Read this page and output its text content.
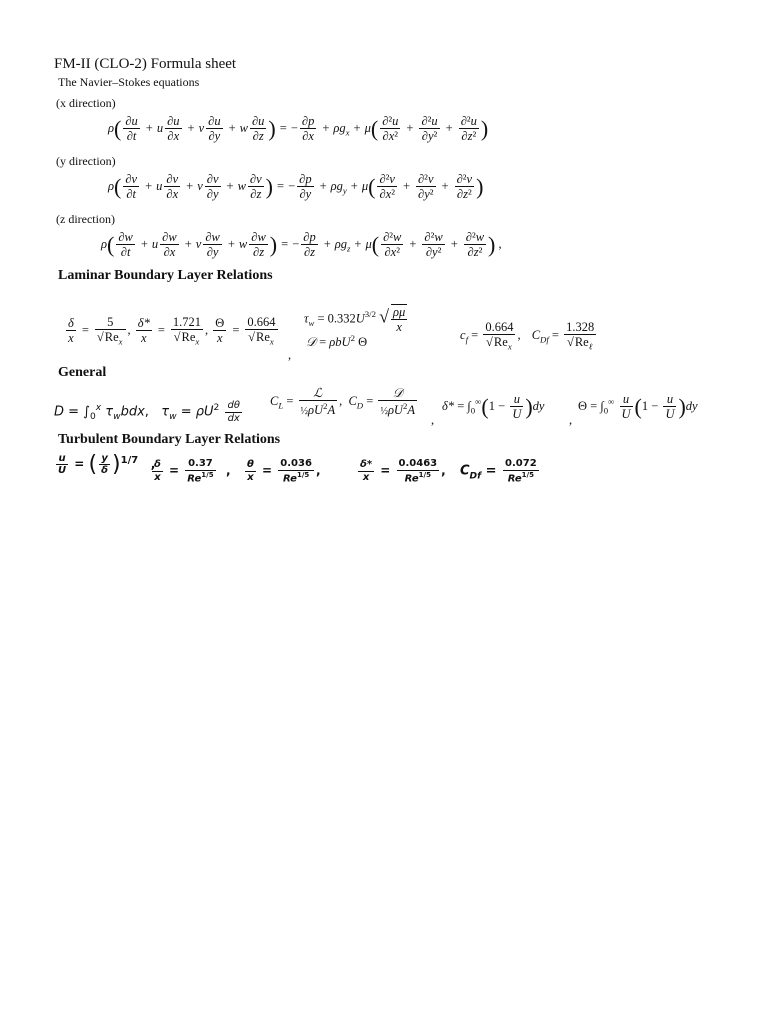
FM-II (CLO-2) Formula sheet
The Navier–Stokes equations
(x direction)
$\rho( \frac{\partial u}{\partial t} + u \frac{\partial u}{\partial x} + v \frac{\partial u}{\partial y} + w \frac{\partial u}{\partial z}$ ) = − $\frac{\partial p}{\partial x} + \rho g_x + \mu( \frac{\text{∂²u}}{\text{∂x²}} + \frac{\text{∂²u}}{\text{∂y²}} + \frac{\text{∂²u}}{\text{∂z²}}$ )
(y direction)
$\rho( \frac{\partial v}{\partial t} + u \frac{\partial v}{\partial x} + v \frac{\partial v}{\partial y} + w \frac{\partial v}{\partial z}$ ) = − $\frac{\partial p}{\partial y} + \rho g_y + \mu( \frac{\text{∂²v}}{\text{∂x²}} + \frac{\text{∂²v}}{\text{∂y²}} + \frac{\text{∂²v}}{\text{∂z²}}$ )
(z direction)
$\rho( \frac{\partial w}{\partial t} + u \frac{\partial w}{\partial x} + v \frac{\partial w}{\partial y} + w \frac{\partial w}{\partial z}$ ) = − $\frac{\partial p}{\partial z} + \rho g_z + \mu( \frac{\text{∂²w}}{\text{∂x²}} + \frac{\text{∂²w}}{\text{∂y²}} + \frac{\text{∂²w}}{\text{∂z²}}$ ) ,
Laminar Boundary Layer Relations
$\frac{\delta}{x} = \frac{5}{√Re_x}$ , $\frac{\delta*}{x} = \frac{1.721}{√Re_x}$ , $\frac{\Theta}{x} = \frac{0.664}{√Re_x}$
,
$\tau_w = 0.332U^{3/2}$ √ $\frac{\rho\mu}{x}$
𝒟 = ρbU$^2$ Θ
$c_f = \frac{0.664}{√Re_x}$ , $C_{Df} = \frac{1.328}{√Re_\ell}$
General
$D = \int_0^x$ $\tau_wbdx$,   $\tau_w = \rho U^2 \frac{d\theta}{dx} C_L = \frac{\text{ℒ}}{\frac{1}{2}\rho U^2A}$ ,  $C_D = \frac{\text{𝒟}}{\frac{1}{2}\rho U^2A}$
,
$\delta* = \int_0^\infty(1 - \frac{u}{U} )dy$
,
$\Theta = \int_0^\infty \frac{u}{U} (1 - \frac{u}{U} )dy$
Turbulent Boundary Layer Relations
$\frac{u}{U}$ = ( $\frac{y}{\delta} )^{1/7}$   ,
$\frac{\delta}{x} = \frac{0.37}{Re^{1/5}}$ , $\frac{\theta}{x} = \frac{0.036}{Re^{1/5}}$ ,	$\frac{\delta*}{x} = \frac{0.0463}{Re^{1/5}}$ , $C_{Df} = \frac{0.072}{Re^{1/5}}$
